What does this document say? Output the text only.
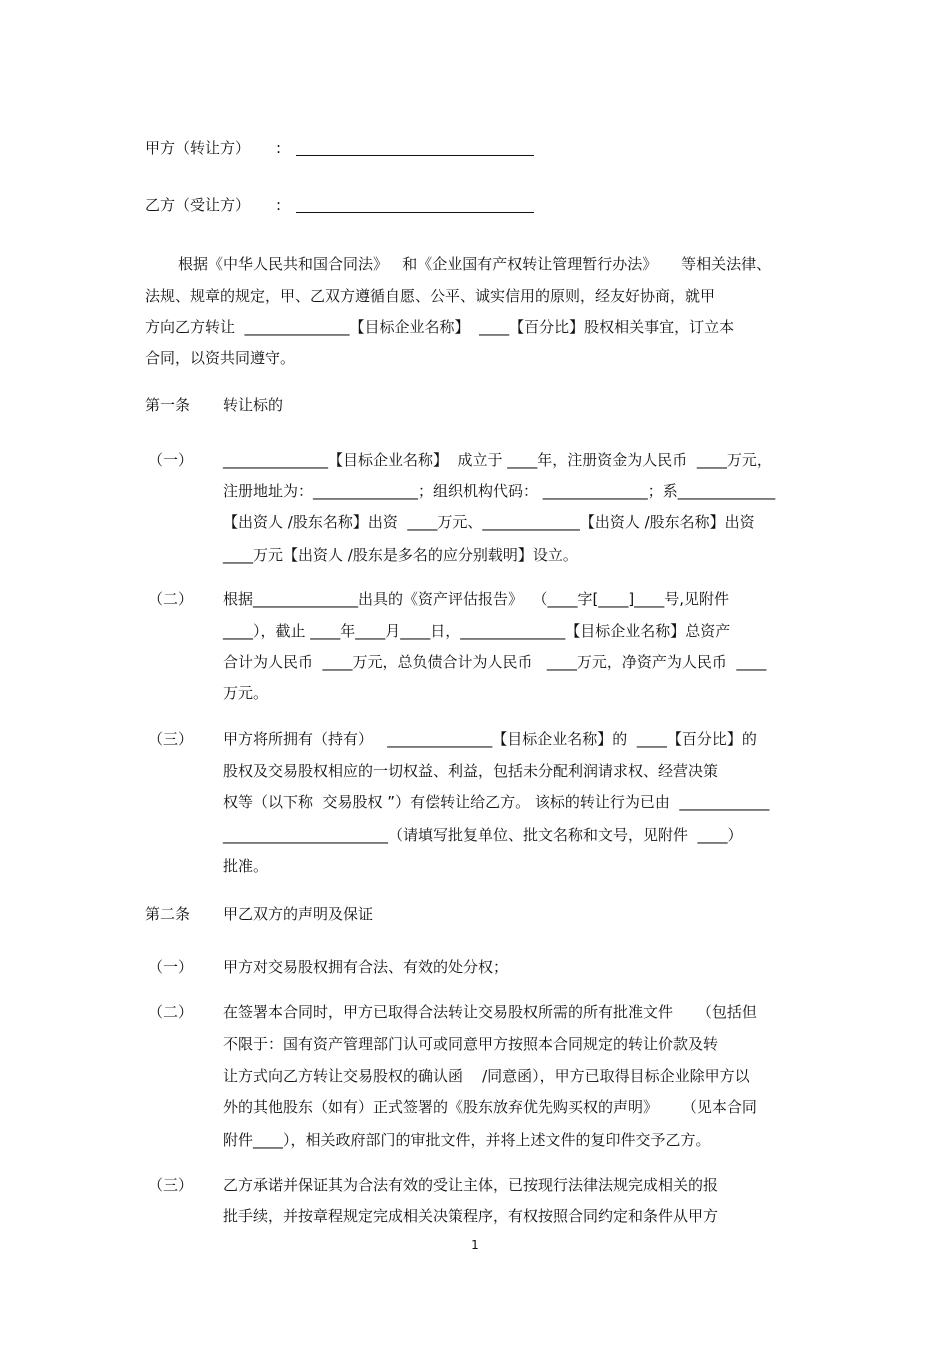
甲方（转让方） :
乙方（受让方） :
根据《中华人民共和国合同法》   和《企业国有产权转让管理暂行办法》     等相关法律、
法规、规章的规定，甲、乙双方遵循自愿、公平、诚实信用的原则，经友好协商，就甲
方向乙方转让  ______________【目标企业名称】  ____【百分比】股权相关事宜，订立本
合同，以资共同遵守。
第一条 转让标的
（一） ______________【目标企业名称】  成立于 ____年，注册资金为人民币  ____万元，
注册地址为：______________；组织机构代码： ______________；系_____________
【出资人 /股东名称】出资  ____万元、_____________【出资人 /股东名称】出资
____万元【出资人 /股东是多名的应分别载明】设立。
（二） 根据______________出具的《资产评估报告》  （____字[____]____号,见附件
____），截止 ____年____月____日，______________【目标企业名称】总资产
合计为人民币  ____万元，总负债合计为人民币   ____万元，净资产为人民币  ____
万元。
（三） 甲方将所拥有（持有）   ______________【目标企业名称】的  ____【百分比】的
股权及交易股权相应的一切权益、利益，包括未分配利润请求权、经营决策
权等（以下称  交易股权 ”）有偿转让给乙方。 该标的转让行为已由  ____________
______________________（请填写批复单位、批文名称和文号，见附件  ____）
批准。
第二条 甲乙双方的声明及保证
（一） 甲方对交易股权拥有合法、有效的处分权；
（二） 在签署本合同时，甲方已取得合法转让交易股权所需的所有批准文件     （包括但
不限于：国有资产管理部门认可或同意甲方按照本合同规定的转让价款及转
让方式向乙方转让交易股权的确认函    /同意函），甲方已取得目标企业除甲方以
外的其他股东（如有）正式签署的《股东放弃优先购买权的声明》     （见本合同
附件____），相关政府部门的审批文件，并将上述文件的复印件交予乙方。
（三） 乙方承诺并保证其为合法有效的受让主体，已按现行法律法规完成相关的报
批手续，并按章程规定完成相关决策程序，有权按照合同约定和条件从甲方
1
